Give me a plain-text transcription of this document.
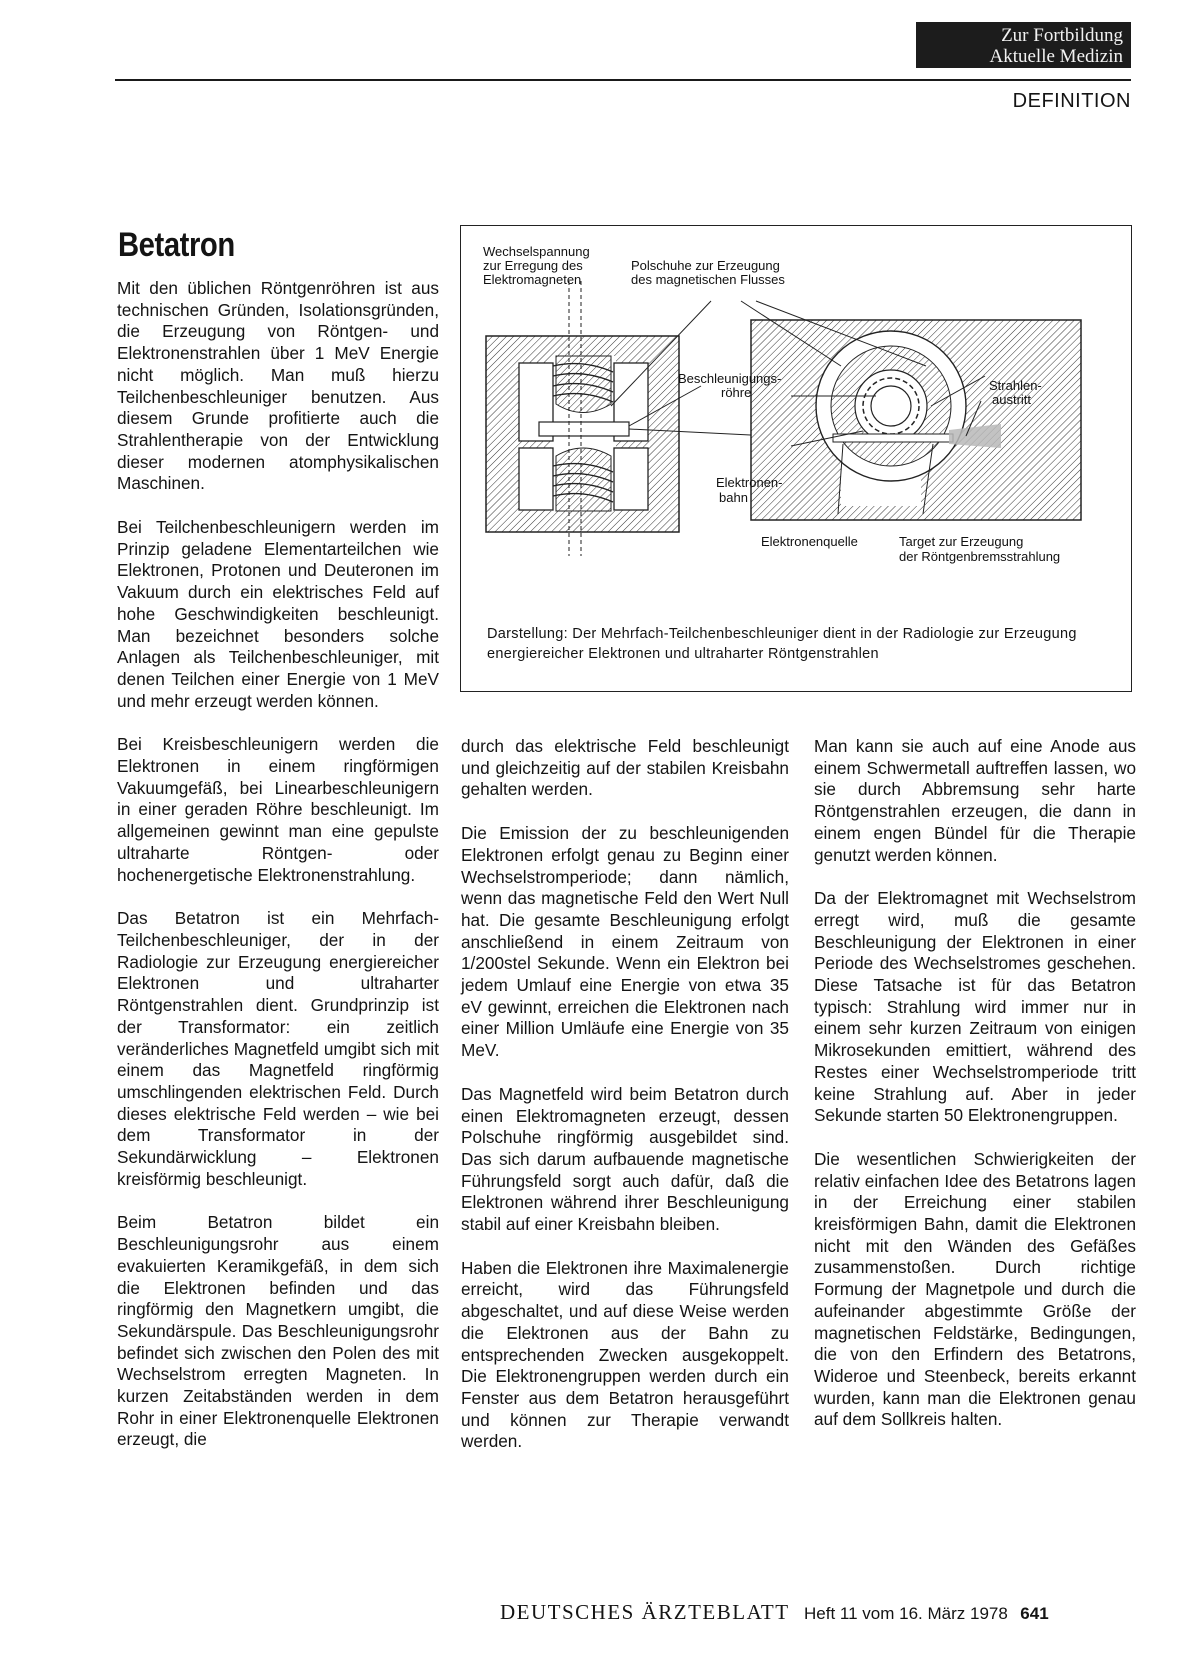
Zur Fortbildung
Aktuelle Medizin
DEFINITION
Betatron

Mit den üblichen Röntgenröhren ist aus technischen Gründen, Isolationsgründen, die Erzeugung von Röntgen- und Elektronenstrahlen über 1 MeV Energie nicht möglich. Man muß hierzu Teilchenbeschleuniger benutzen. Aus diesem Grunde profitierte auch die Strahlentherapie von der Entwicklung dieser modernen atomphysikalischen Maschinen.

Bei Teilchenbeschleunigern werden im Prinzip geladene Elementarteilchen wie Elektronen, Protonen und Deuteronen im Vakuum durch ein elektrisches Feld auf hohe Geschwindigkeiten beschleunigt. Man bezeichnet besonders solche Anlagen als Teilchenbeschleuniger, mit denen Teilchen einer Energie von 1 MeV und mehr erzeugt werden können.

Bei Kreisbeschleunigern werden die Elektronen in einem ringförmigen Vakuumgefäß, bei Linearbeschleunigern in einer geraden Röhre beschleunigt. Im allgemeinen gewinnt man eine gepulste ultraharte Röntgen- oder hochenergetische Elektronenstrahlung.

Das Betatron ist ein Mehrfach-Teilchenbeschleuniger, der in der Radiologie zur Erzeugung energiereicher Elektronen und ultraharter Röntgenstrahlen dient. Grundprinzip ist der Transformator: ein zeitlich veränderliches Magnetfeld umgibt sich mit einem das Magnetfeld ringförmig umschlingenden elektrischen Feld. Durch dieses elektrische Feld werden – wie bei dem Transformator in der Sekundärwicklung – Elektronen kreisförmig beschleunigt.

Beim Betatron bildet ein Beschleunigungsrohr aus einem evakuierten Keramikgefäß, in dem sich die Elektronen befinden und das ringförmig den Magnetkern umgibt, die Sekundärspule. Das Beschleunigungsrohr befindet sich zwischen den Polen des mit Wechselstrom erregten Magneten. In kurzen Zeitabständen werden in dem Rohr in einer Elektronenquelle Elektronen erzeugt, die

Wechselspannung
zur Erregung des
Elektromagneten
Polschuhe zur Erzeugung
des magnetischen Flusses
Beschleunigungs-
röhre	Strahlen-
austritt
Elektronen-
bahn
Elektronenquelle	Target zur Erzeugung
der Röntgenbremsstrahlung
Darstellung: Der Mehrfach-Teilchenbeschleuniger dient in der Radiologie zur Erzeugung energiereicher Elektronen und ultraharter Röntgenstrahlen

durch das elektrische Feld beschleunigt und gleichzeitig auf der stabilen Kreisbahn gehalten werden.

Die Emission der zu beschleunigenden Elektronen erfolgt genau zu Beginn einer Wechselstromperiode; dann nämlich, wenn das magnetische Feld den Wert Null hat. Die gesamte Beschleunigung erfolgt anschließend in einem Zeitraum von 1/200stel Sekunde. Wenn ein Elektron bei jedem Umlauf eine Energie von etwa 35 eV gewinnt, erreichen die Elektronen nach einer Million Umläufe eine Energie von 35 MeV.

Das Magnetfeld wird beim Betatron durch einen Elektromagneten erzeugt, dessen Polschuhe ringförmig ausgebildet sind. Das sich darum aufbauende magnetische Führungsfeld sorgt auch dafür, daß die Elektronen während ihrer Beschleunigung stabil auf einer Kreisbahn bleiben.

Haben die Elektronen ihre Maximalenergie erreicht, wird das Führungsfeld abgeschaltet, und auf diese Weise werden die Elektronen aus der Bahn zu entsprechenden Zwecken ausgekoppelt. Die Elektronengruppen werden durch ein Fenster aus dem Betatron herausgeführt und können zur Therapie verwandt werden.

Man kann sie auch auf eine Anode aus einem Schwermetall auftreffen lassen, wo sie durch Abbremsung sehr harte Röntgenstrahlen erzeugen, die dann in einem engen Bündel für die Therapie genutzt werden können.

Da der Elektromagnet mit Wechselstrom erregt wird, muß die gesamte Beschleunigung der Elektronen in einer Periode des Wechselstromes geschehen. Diese Tatsache ist für das Betatron typisch: Strahlung wird immer nur in einem sehr kurzen Zeitraum von einigen Mikrosekunden emittiert, während des Restes einer Wechselstromperiode tritt keine Strahlung auf. Aber in jeder Sekunde starten 50 Elektronengruppen.

Die wesentlichen Schwierigkeiten der relativ einfachen Idee des Betatrons lagen in der Erreichung einer stabilen kreisförmigen Bahn, damit die Elektronen nicht mit den Wänden des Gefäßes zusammenstoßen. Durch richtige Formung der Magnetpole und durch die aufeinander abgestimmte Größe der magnetischen Feldstärke, Bedingungen, die von den Erfindern des Betatrons, Wideroe und Steenbeck, bereits erkannt wurden, kann man die Elektronen genau auf dem Sollkreis halten.

DEUTSCHES ÄRZTEBLATT Heft 11 vom 16. März 1978 641
